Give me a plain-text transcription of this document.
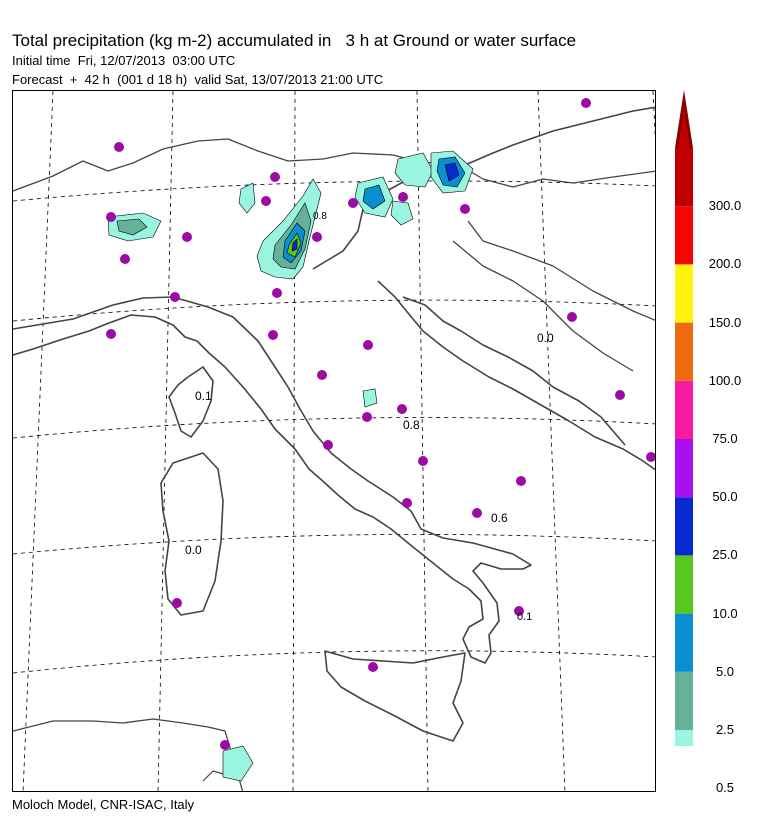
Total precipitation (kg m-2) accumulated in   3 h at Ground or water surface
Initial time  Fri, 12/07/2013  03:00 UTC
Forecast  +  42 h  (001 d 18 h)  valid Sat, 13/07/2013 21:00 UTC
0.0
0.1
0.8
0.6
0.0
0.1
0.8
0.5
2.5
5.0
10.0
25.0
50.0
75.0
100.0
150.0
200.0
300.0
Moloch Model, CNR-ISAC, Italy
